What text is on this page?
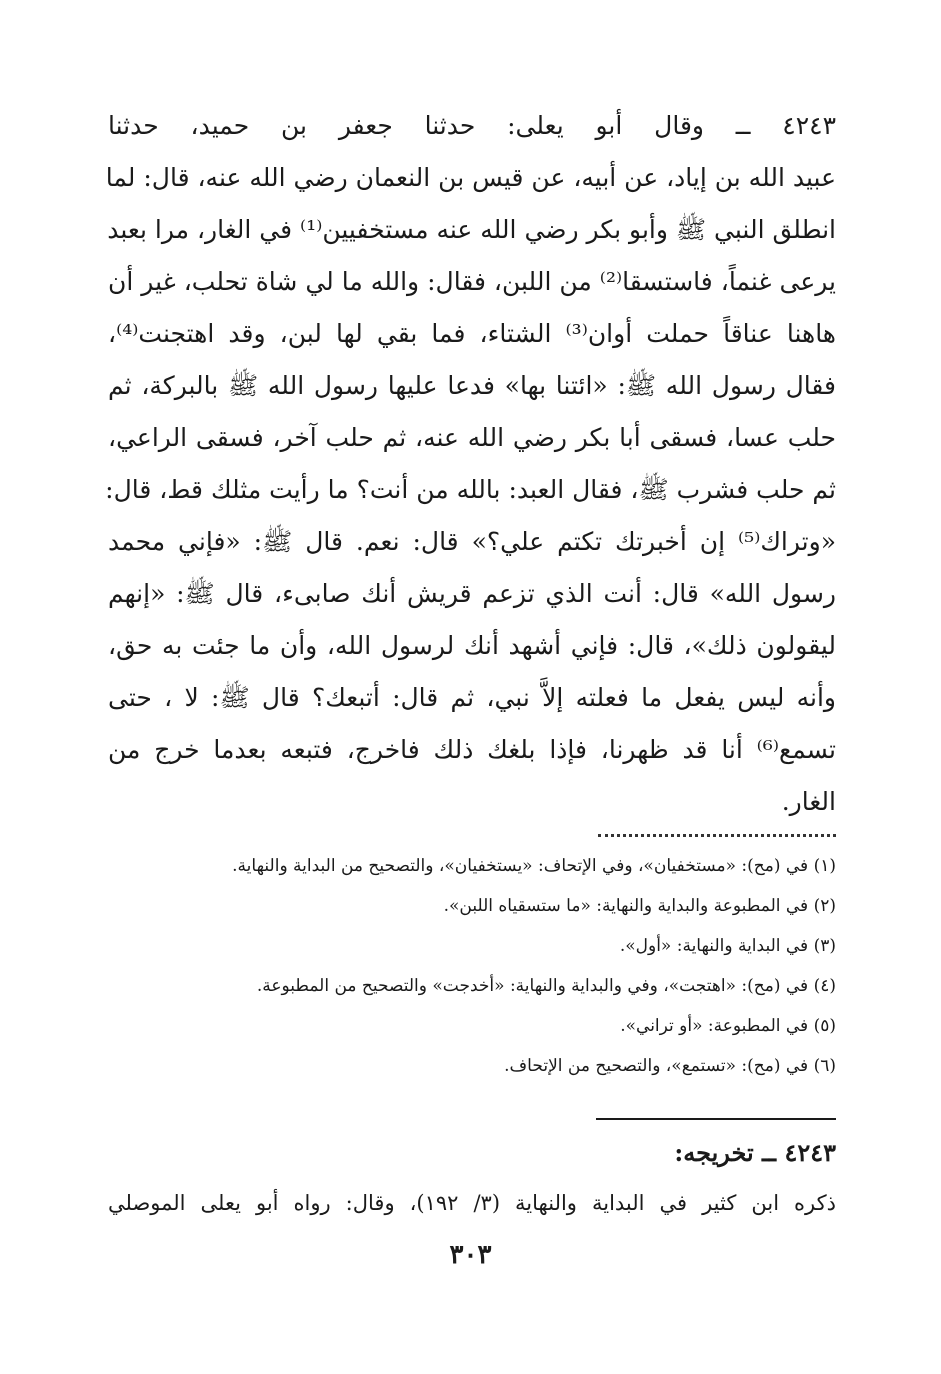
٤٢٤٣ ــ وقال أبو يعلى: حدثنا جعفر بن حميد، حدثنا
عبيد الله بن إياد، عن أبيه، عن قيس بن النعمان رضي الله عنه، قال: لما
انطلق النبي ﷺ وأبو بكر رضي الله عنه مستخفيين⁽¹⁾ في الغار، مرا بعبد
يرعى غنماً، فاستسقا⁽²⁾ من اللبن، فقال: والله ما لي شاة تحلب، غير أن
هاهنا عناقاً حملت أوان⁽³⁾ الشتاء، فما بقي لها لبن، وقد اهتجنت⁽⁴⁾،
فقال رسول الله ﷺ: «ائتنا بها» فدعا عليها رسول الله ﷺ بالبركة، ثم
حلب عسا، فسقى أبا بكر رضي الله عنه، ثم حلب آخر، فسقى الراعي،
ثم حلب فشرب ﷺ، فقال العبد: بالله من أنت؟ ما رأيت مثلك قط، قال:
«وتراك⁽⁵⁾ إن أخبرتك تكتم علي؟» قال: نعم. قال ﷺ: «فإني محمد
رسول الله» قال: أنت الذي تزعم قريش أنك صابىء، قال ﷺ: «إنهم
ليقولون ذلك»، قال: فإني أشهد أنك لرسول الله، وأن ما جئت به حق،
وأنه ليس يفعل ما فعلته إلاَّ نبي، ثم قال: أتبعك؟ قال ﷺ: لا ، حتى
تسمع⁽⁶⁾ أنا قد ظهرنا، فإذا بلغك ذلك فاخرج، فتبعه بعدما خرج من
الغار.
(١) في (مح): «مستخفيان»، وفي الإتحاف: «يستخفيان»، والتصحيح من البداية والنهاية.
(٢) في المطبوعة والبداية والنهاية: «ما ستسقياه اللبن».
(٣) في البداية والنهاية: «أول».
(٤) في (مح): «اهتجت»، وفي والبداية والنهاية: «أخدجت» والتصحيح من المطبوعة.
(٥) في المطبوعة: «أو تراني».
(٦) في (مح): «تستمع»، والتصحيح من الإتحاف.
٤٢٤٣ ــ تخريجه:
ذكره ابن كثير في البداية والنهاية (٣/ ١٩٢)، وقال: رواه أبو يعلى الموصلي
٣٠٣
